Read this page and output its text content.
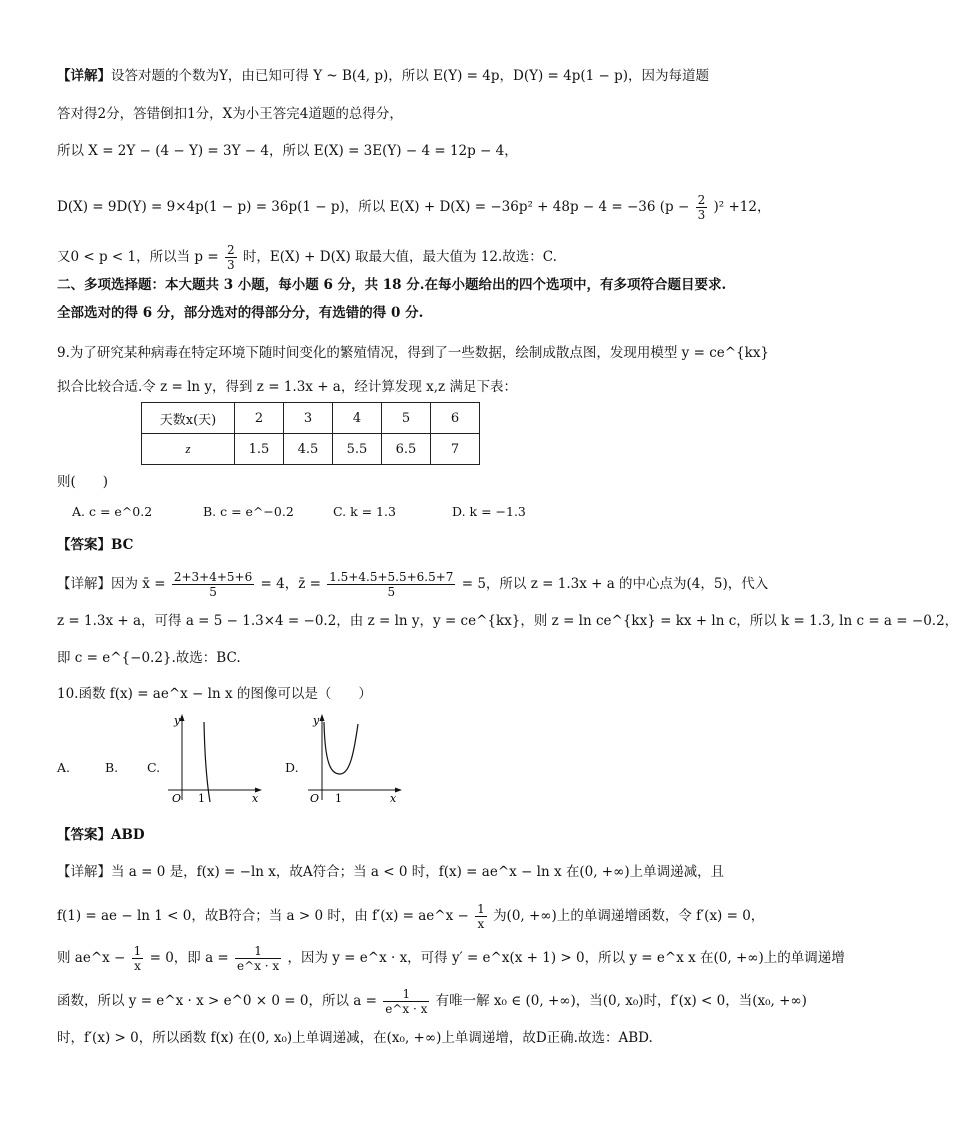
【详解】设答对题的个数为Y，由已知可得 Y ~ B(4, p)，所以 E(Y) = 4p，D(Y) = 4p(1 − p)，因为每道题
答对得2分，答错倒扣1分，X为小王答完4道题的总得分，
所以 X = 2Y − (4 − Y) = 3Y − 4，所以 E(X) = 3E(Y) − 4 = 12p − 4，
D(X) = 9D(Y) = 9×4p(1 − p) = 36p(1 − p)，所以 E(X) + D(X) = −36p² + 48p − 4 = −36 $(p - \frac{2}{3} )^2 +12$，
又0 < p < 1，所以当 $p = \frac{2}{3}$ 时，E(X) + D(X) 取最大值，最大值为 12.故选：C.
二、多项选择题：本大题共 3 小题，每小题 6 分，共 18 分.在每小题给出的四个选项中，有多项符合题目要求.
全部选对的得 6 分，部分选对的得部分分，有选错的得 0 分.
9.为了研究某种病毒在特定环境下随时间变化的繁殖情况，得到了一些数据，绘制成散点图，发现用模型 y = ce^{kx}
拟合比较合适.令 z = ln y，得到 z = 1.3x + a，经计算发现 x,z 满足下表：
天数x(天)	2	3	4	5	6
z	1.5	4.5	5.5	6.5	7
则(　　)
A. c = e^0.2	B. c = e^−0.2	C. k = 1.3	D. k = −1.3
【答案】BC
【详解】因为 x̄ = $\frac{2+3+4+5+6}{5} = 4$，z̄ = $\frac{1.5+4.5+5.5+6.5+7}{5} = 5$，所以 z = 1.3x + a 的中心点为(4，5)，代入
z = 1.3x + a，可得 a = 5 − 1.3×4 = −0.2，由 z = ln y，y = ce^{kx}，则 z = ln ce^{kx} = kx + ln c，所以 k = 1.3, ln c = a = −0.2，
即 c = e^{−0.2}.故选：BC.
10.函数 f(x) = ae^x − ln x 的图像可以是（　　）
A.	B. C.	D.
O 1
y
x	O 1
y
x
【答案】ABD
【详解】当 a = 0 是，f(x) = −ln x，故A符合；当 a < 0 时，f(x) = ae^x − ln x 在(0, +∞)上单调递减，且
f(1) = ae − ln 1 < 0，故B符合；当 a > 0 时，由 f′(x) = ae^x − $\frac{1}{x}$ 为(0, +∞)上的单调递增函数，令 f′(x) = 0，
则 ae^x − $\frac{1}{x} = 0$，即 $a = \frac{1}{e\^{}x \cdot x}$ ，因为 y = e^x · x，可得 y′ = e^x(x + 1) > 0，所以 y = e^x x 在(0, +∞)上的单调递增
函数，所以 y = e^x · x > e^0 × 0 = 0，所以 $a = \frac{1}{e\^{}x \cdot x}$ 有唯一解 x₀ ∈ (0, +∞)，当(0, x₀)时，f′(x) < 0，当(x₀, +∞)
时，f′(x) > 0，所以函数 f(x) 在(0, x₀)上单调递减，在(x₀, +∞)上单调递增，故D正确.故选：ABD.
